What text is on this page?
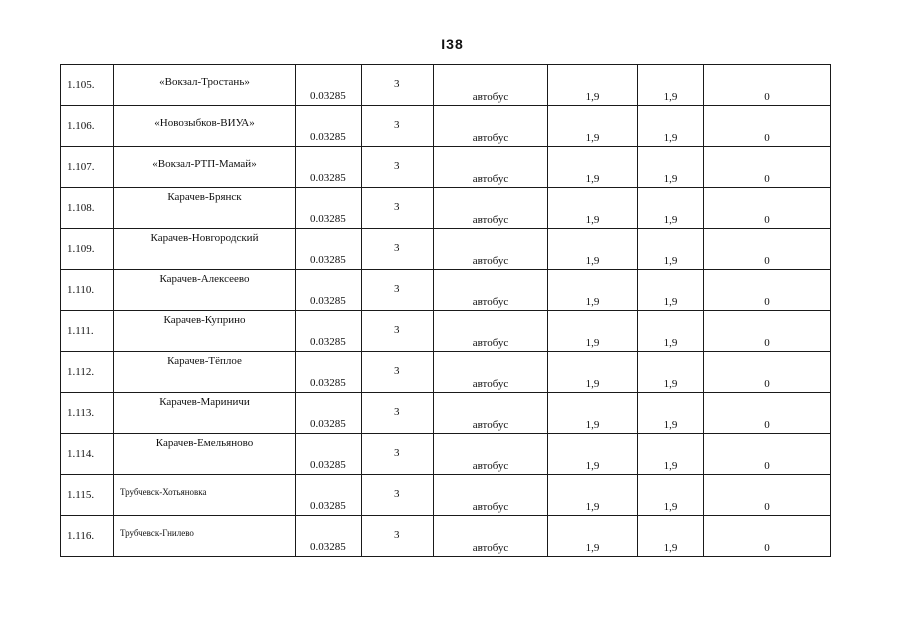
I38
1.105.	«Вокзал-Тростань»	0.03285	3	автобус	1,9	1,9	0

1.106.	«Новозыбков-ВИУА»	0.03285	3	автобус	1,9	1,9	0

1.107.	«Вокзал-РТП-Мамай»	0.03285	3	автобус	1,9	1,9	0

1.108.	Карачев-Брянск	0.03285	3	автобус	1,9	1,9	0

1.109.	Карачев-Новгородский	0.03285	3	автобус	1,9	1,9	0

1.110.	Карачев-Алексеево	0.03285	3	автобус	1,9	1,9	0

1.111.	Карачев-Куприно	0.03285	3	автобус	1,9	1,9	0

1.112.	Карачев-Тёплое	0.03285	3	автобус	1,9	1,9	0

1.113.	Карачев-Мариничи	0.03285	3	автобус	1,9	1,9	0

1.114.	Карачев-Емельяново	0.03285	3	автобус	1,9	1,9	0

1.115.	Трубчевск-Хотьяновка	0.03285	3	автобус	1,9	1,9	0

1.116.	Трубчевск-Гнилево	0.03285	3	автобус	1,9	1,9	0
